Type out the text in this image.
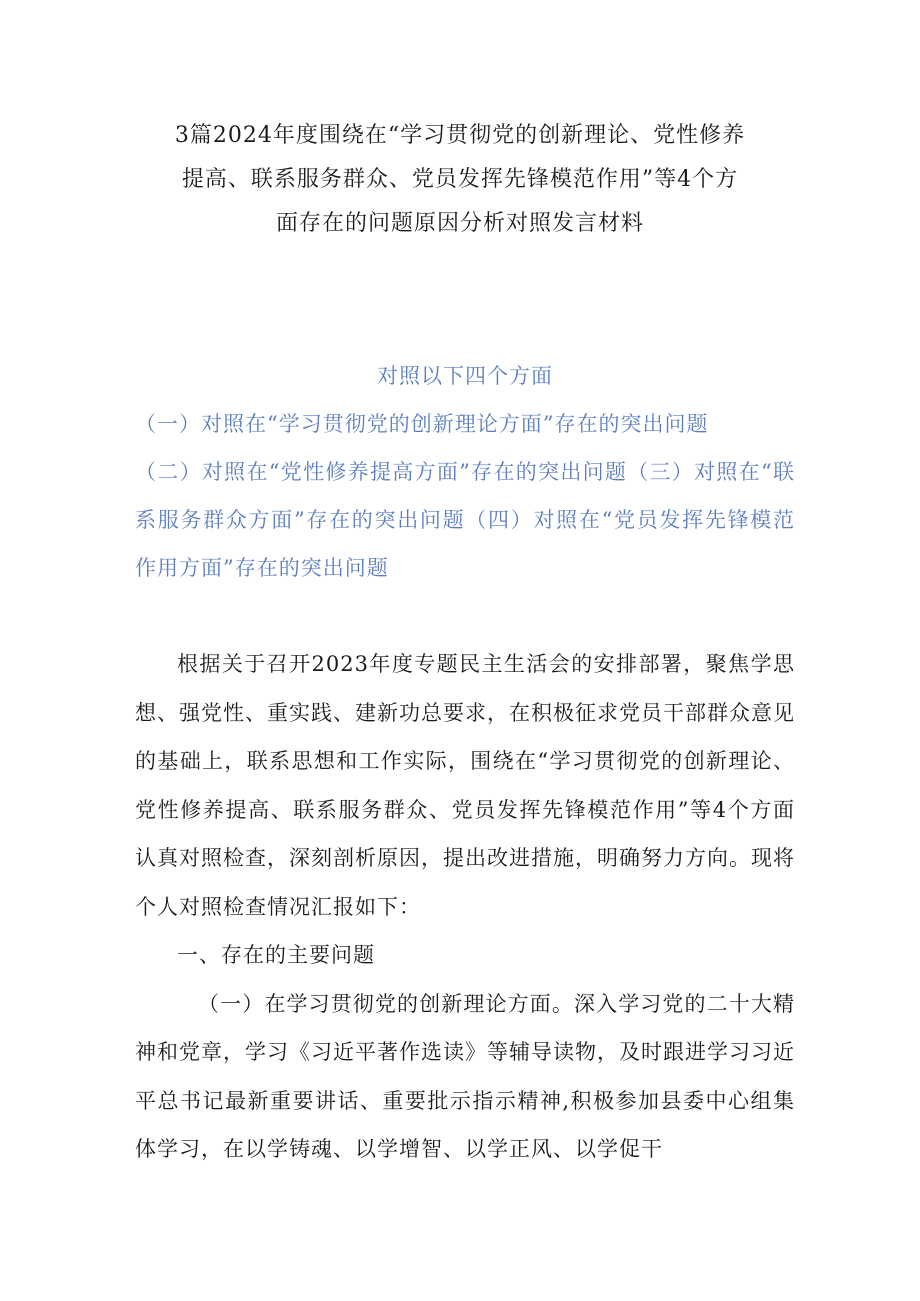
3篇2024年度围绕在“学习贯彻党的创新理论、党性修养
提高、联系服务群众、党员发挥先锋模范作用”等4个方
面存在的问题原因分析对照发言材料
对照以下四个方面
（一）对照在“学习贯彻党的创新理论方面”存在的突出问题
（二）对照在“党性修养提高方面”存在的突出问题（三）对照在“联系服务群众方面”存在的突出问题（四）对照在“党员发挥先锋模范作用方面”存在的突出问题

根据关于召开2023年度专题民主生活会的安排部署，聚焦学思想、强党性、重实践、建新功总要求，在积极征求党员干部群众意见的基础上，联系思想和工作实际，围绕在“学习贯彻党的创新理论、党性修养提高、联系服务群众、党员发挥先锋模范作用”等4个方面认真对照检查，深刻剖析原因，提出改进措施，明确努力方向。现将个人对照检查情况汇报如下：

一、存在的主要问题

（一）在学习贯彻党的创新理论方面。深入学习党的二十大精神和党章，学习《习近平著作选读》等辅导读物，及时跟进学习习近平总书记最新重要讲话、重要批示指示精神,积极参加县委中心组集体学习，在以学铸魂、以学增智、以学正风、以学促干
